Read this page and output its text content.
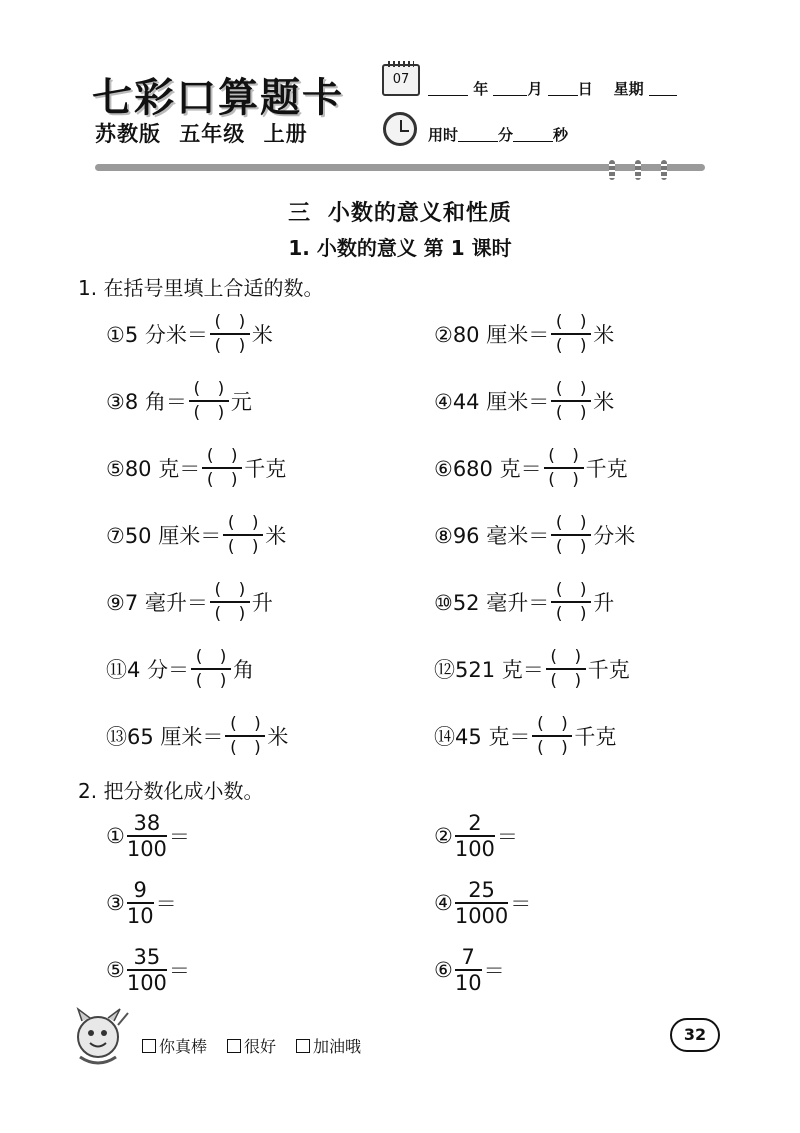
七彩口算题卡
苏教版 五年级 上册
07
年	月 日 星期
用时	分	秒
三 小数的意义和性质
1. 小数的意义 第 1 课时
1. 在括号里填上合适的数。
①5 分米＝ $\frac{( )}{( )}$ 米	②80 厘米＝ $\frac{( )}{( )}$ 米
③8 角＝ $\frac{( )}{( )}$ 元	④44 厘米＝ $\frac{( )}{( )}$ 米
⑤80 克＝ $\frac{( )}{( )}$ 千克	⑥680 克＝ $\frac{( )}{( )}$ 千克
⑦50 厘米＝ $\frac{( )}{( )}$ 米	⑧96 毫米＝ $\frac{( )}{( )}$ 分米
⑨7 毫升＝ $\frac{( )}{( )}$ 升	⑩52 毫升＝ $\frac{( )}{( )}$ 升
⑪4 分＝ $\frac{( )}{( )}$ 角	⑫521 克＝ $\frac{( )}{( )}$ 千克
⑬65 厘米＝ $\frac{( )}{( )}$ 米	⑭45 克＝ $\frac{( )}{( )}$ 千克
2. 把分数化成小数。
①
38
100 ＝	②
2
100 ＝
③
9
10 ＝	④
25
1000 ＝
⑤
35
100 ＝	⑥
7
10 ＝
你真棒	很好	加油哦
32
